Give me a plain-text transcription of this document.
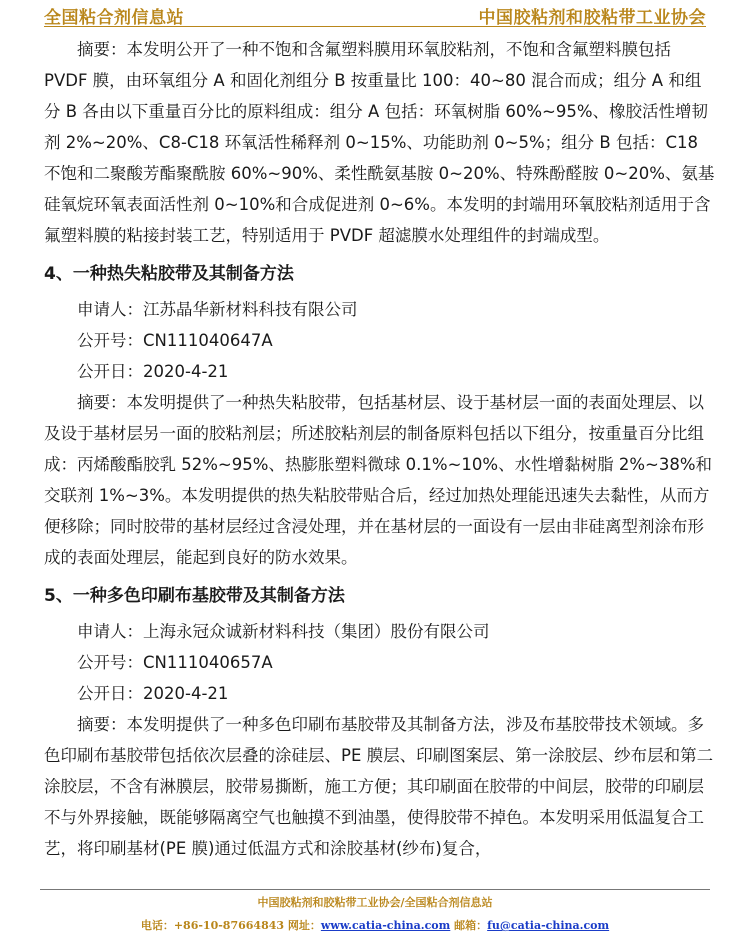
全国粘合剂信息站	中国胶粘剂和胶粘带工业协会

摘要：本发明公开了一种不饱和含氟塑料膜用环氧胶粘剂，不饱和含氟塑料膜包括 PVDF 膜，由环氧组分 A 和固化剂组分 B 按重量比 100：40~80 混合而成；组分 A 和组分 B 各由以下重量百分比的原料组成：组分 A 包括：环氧树脂 60%~95%、橡胶活性增韧剂 2%~20%、C8-C18 环氧活性稀释剂 0~15%、功能助剂 0~5%；组分 B 包括：C18 不饱和二聚酸芳酯聚酰胺 60%~90%、柔性酰氨基胺 0~20%、特殊酚醛胺 0~20%、氨基硅氧烷环氧表面活性剂 0~10%和合成促进剂 0~6%。本发明的封端用环氧胶粘剂适用于含氟塑料膜的粘接封装工艺，特别适用于 PVDF 超滤膜水处理组件的封端成型。

4、一种热失粘胶带及其制备方法

申请人：江苏晶华新材料科技有限公司

公开号：CN111040647A

公开日：2020-4-21

摘要：本发明提供了一种热失粘胶带，包括基材层、设于基材层一面的表面处理层、以及设于基材层另一面的胶粘剂层；所述胶粘剂层的制备原料包括以下组分，按重量百分比组成：丙烯酸酯胶乳 52%~95%、热膨胀塑料微球 0.1%~10%、水性增黏树脂 2%~38%和交联剂 1%~3%。本发明提供的热失粘胶带贴合后，经过加热处理能迅速失去黏性，从而方便移除；同时胶带的基材层经过含浸处理，并在基材层的一面设有一层由非硅离型剂涂布形成的表面处理层，能起到良好的防水效果。

5、一种多色印刷布基胶带及其制备方法

申请人：上海永冠众诚新材料科技（集团）股份有限公司

公开号：CN111040657A

公开日：2020-4-21

摘要：本发明提供了一种多色印刷布基胶带及其制备方法，涉及布基胶带技术领域。多色印刷布基胶带包括依次层叠的涂硅层、PE 膜层、印刷图案层、第一涂胶层、纱布层和第二涂胶层，不含有淋膜层，胶带易撕断，施工方便；其印刷面在胶带的中间层，胶带的印刷层不与外界接触，既能够隔离空气也触摸不到油墨，使得胶带不掉色。本发明采用低温复合工艺，将印刷基材(PE 膜)通过低温方式和涂胶基材(纱布)复合，

中国胶粘剂和胶粘带工业协会/全国粘合剂信息站
电话：+86-10-87664843 网址：www.catia-china.com 邮箱：fu@catia-china.com
